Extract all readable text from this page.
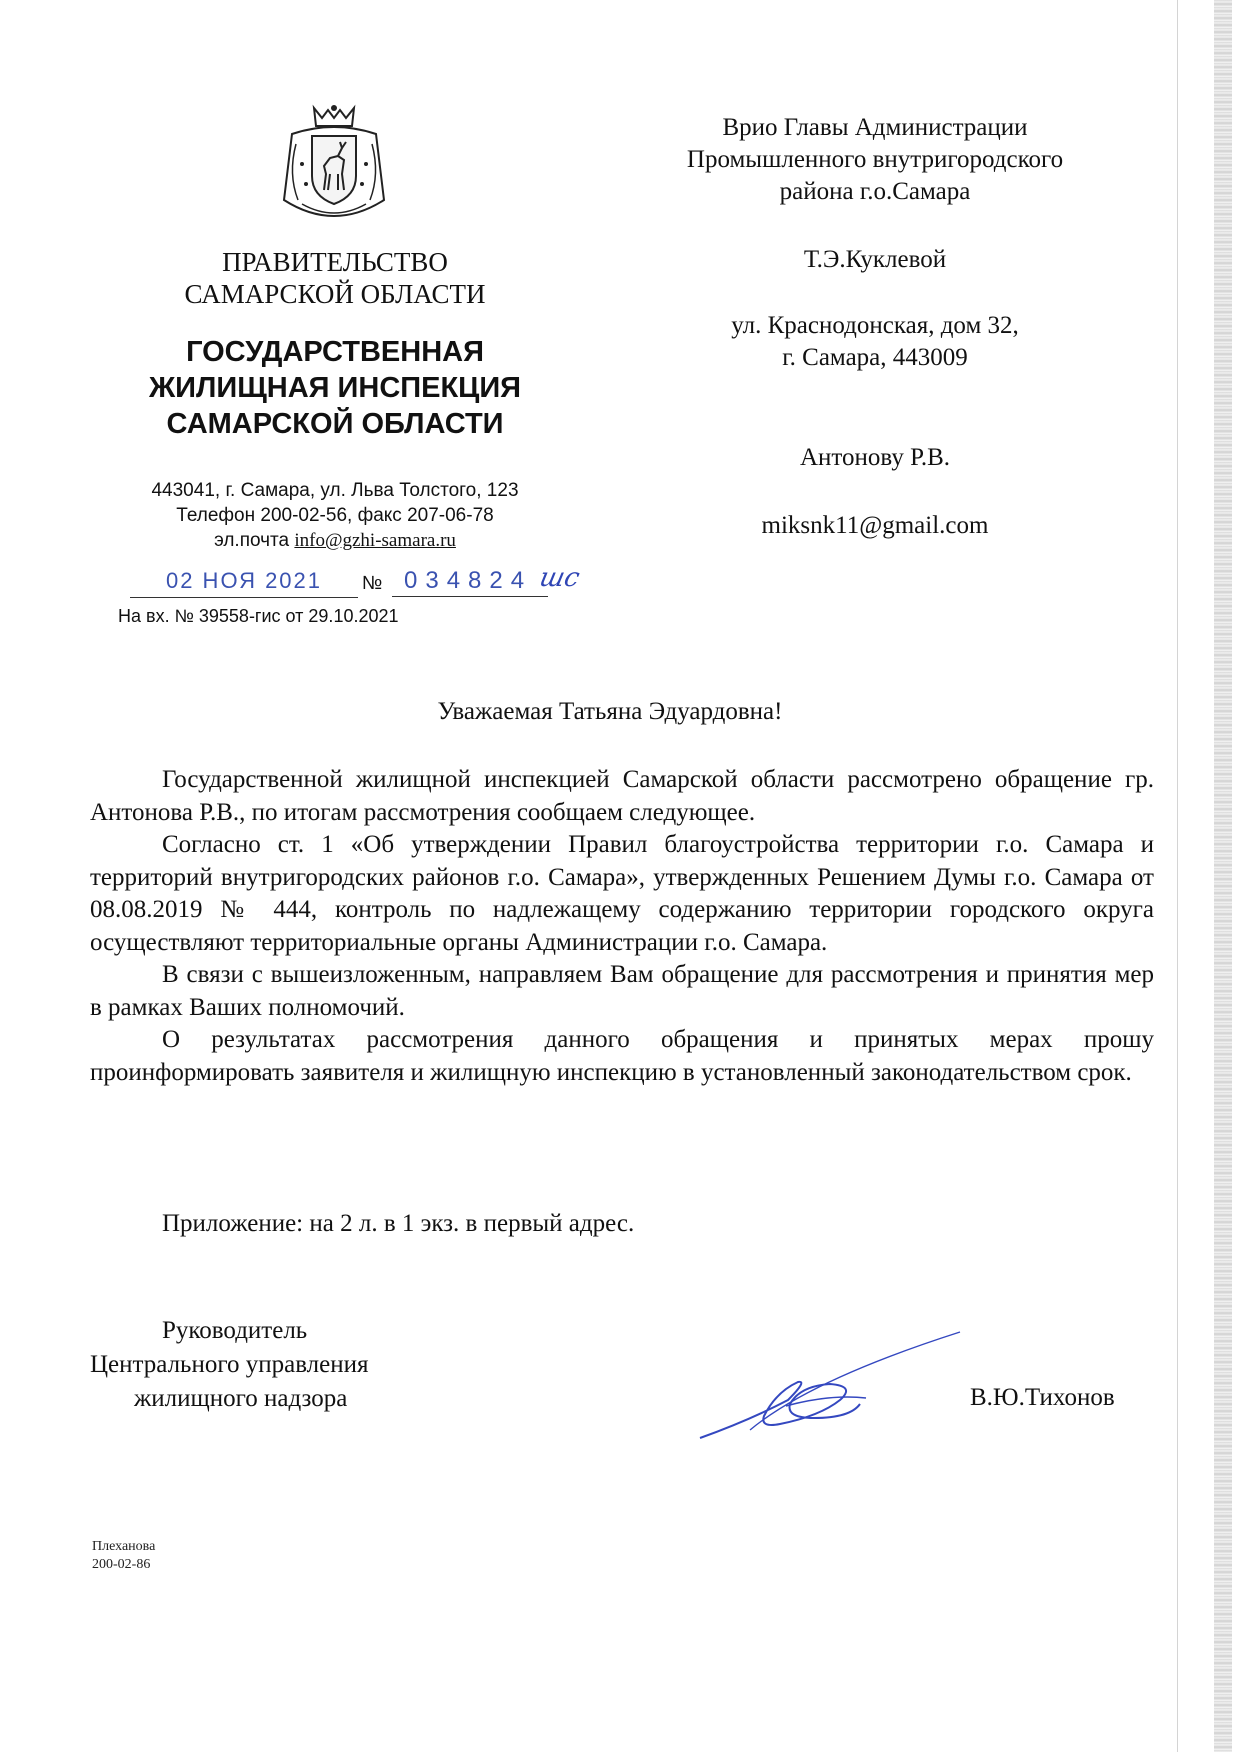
ПРАВИТЕЛЬСТВО
САМАРСКОЙ ОБЛАСТИ
ГОСУДАРСТВЕННАЯ
ЖИЛИЩНАЯ ИНСПЕКЦИЯ
САМАРСКОЙ ОБЛАСТИ
443041, г. Самара, ул. Льва Толстого, 123
Телефон 200-02-56, факс 207-06-78
эл.почта info@gzhi-samara.ru
02 НОЯ 2021	№ 034824 шс
На вх. № 39558-гис от 29.10.2021
Врио Главы Администрации
Промышленного внутригородского
района г.о.Самара
Т.Э.Куклевой
ул. Краснодонская, дом 32,
г. Самара, 443009
Антонову Р.В.
miksnk11@gmail.com
Уважаемая Татьяна Эдуардовна!

Государственной жилищной инспекцией Самарской области рассмотрено обращение гр. Антонова Р.В., по итогам рассмотрения сообщаем следующее.

Согласно ст. 1 «Об утверждении Правил благоустройства территории г.о. Самара и территорий внутригородских районов г.о. Самара», утвержденных Решением Думы г.о. Самара от 08.08.2019 № 444, контроль по надлежащему содержанию территории городского округа осуществляют территориальные органы Администрации г.о. Самара.

В связи с вышеизложенным, направляем Вам обращение для рассмотрения и принятия мер в рамках Ваших полномочий.

О результатах рассмотрения данного обращения и принятых мерах прошу проинформировать заявителя и жилищную инспекцию в установленный законодательством срок.

Приложение: на 2 л. в 1 экз. в первый адрес.
Руководитель
Центрального управления
жилищного надзора	В.Ю.Тихонов
Плеханова
200-02-86
